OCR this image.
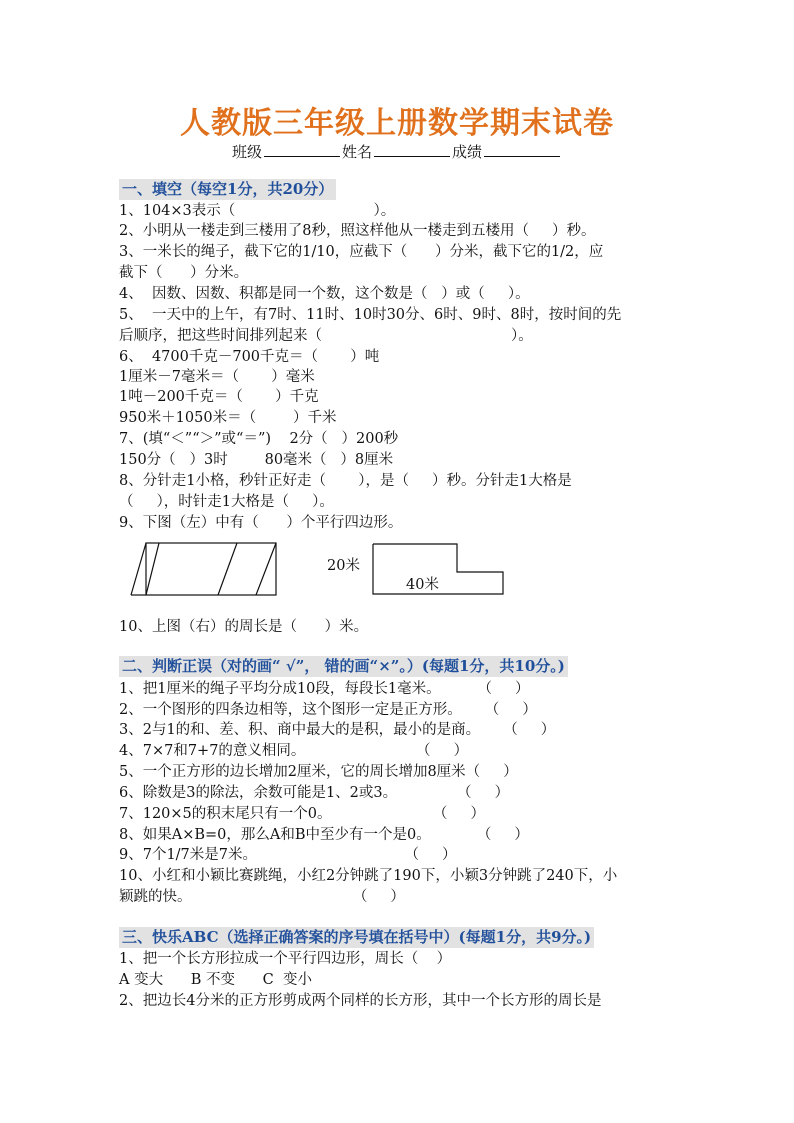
人教版三年级上册数学期末试卷
班级	姓名	成绩
一、填空（每空1分，共20分）
1、104×3表示（                              ）。
2、小明从一楼走到三楼用了8秒，照这样他从一楼走到五楼用（     ）秒。
3、一米长的绳子，截下它的1/10，应截下（      ）分米，截下它的1/2，应
截下（      ）分米。
4、  因数、因数、积都是同一个数，这个数是（   ）或（     ）。
5、  一天中的上午，有7时、11时、10时30分、6时、9时、8时，按时间的先
后顺序，把这些时间排列起来（                                         ）。
6、  4700千克－700千克＝（       ）吨
1厘米－7毫米＝（       ）毫米
1吨－200千克＝（       ）千克
950米＋1050米＝（        ）千米
7、(填“＜”“＞”或“＝”)    2分（   ）200秒
150分（   ）3时        80毫米（   ）8厘米
8、分针走1小格，秒针正好走（       ），是（     ）秒。分针走1大格是
（     ），时针走1大格是（     ）。
9、下图（左）中有（      ）个平行四边形。
20米
40米
10、上图（右）的周长是（      ）米。
二、判断正误（对的画“ √”， 错的画“×”。）(每题1分，共10分。)
1、把1厘米的绳子平均分成10段，每段长1毫米。        （     ）
2、一个图形的四条边相等，这个图形一定是正方形。     （     ）
3、2与1的和、差、积、商中最大的是积，最小的是商。     （     ）
4、7×7和7+7的意义相同。                        （     ）
5、一个正方形的边长增加2厘米，它的周长增加8厘米（     ）
6、除数是3的除法，余数可能是1、2或3。             （     ）
7、120×5的积末尾只有一个0。                      （     ）
8、如果A×B=0，那么A和B中至少有一个是0。          （     ）
9、7个1/7米是7米。                                （     ）
10、小红和小颖比赛跳绳，小红2分钟跳了190下，小颖3分钟跳了240下，小
颖跳的快。                                   （     ）
三、快乐ABC（选择正确答案的序号填在括号中）(每题1分，共9分。)
1、把一个长方形拉成一个平行四边形，周长（    ）
A 变大      B 不变      C  变小
2、把边长4分米的正方形剪成两个同样的长方形，其中一个长方形的周长是
